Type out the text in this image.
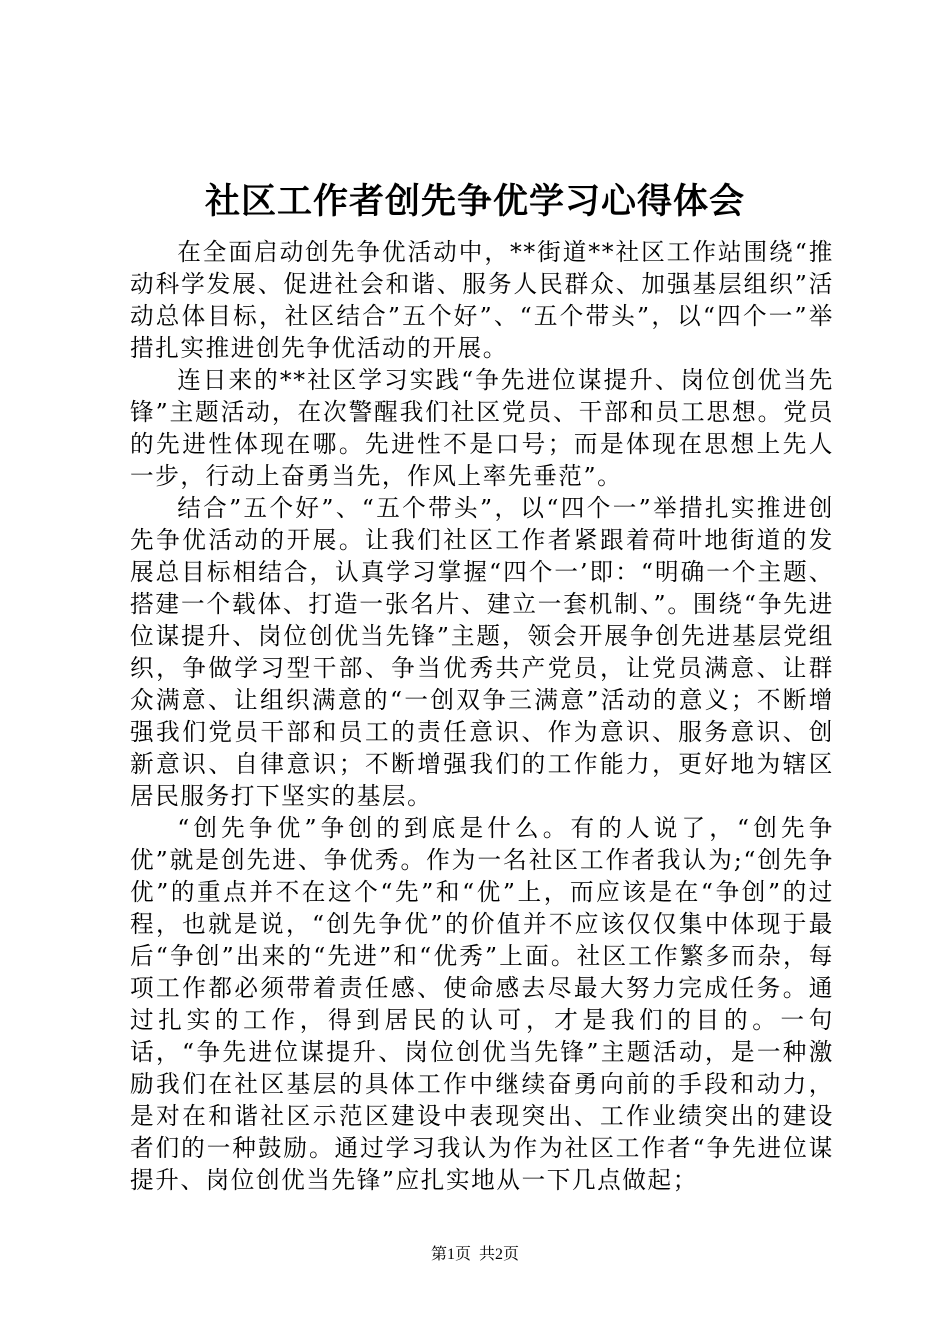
社区工作者创先争优学习心得体会

在全面启动创先争优活动中，**街道**社区工作站围绕“推动科学发展、促进社会和谐、服务人民群众、加强基层组织”活动总体目标，社区结合”五个好”、“五个带头”，以“四个一”举措扎实推进创先争优活动的开展。

连日来的**社区学习实践“争先进位谋提升、岗位创优当先锋”主题活动，在次警醒我们社区党员、干部和员工思想。党员的先进性体现在哪。先进性不是口号；而是体现在思想上先人一步，行动上奋勇当先，作风上率先垂范”。

结合”五个好”、“五个带头”，以“四个一”举措扎实推进创先争优活动的开展。让我们社区工作者紧跟着荷叶地街道的发展总目标相结合，认真学习掌握“四个一’即：“明确一个主题、搭建一个载体、打造一张名片、建立一套机制、”。围绕“争先进位谋提升、岗位创优当先锋”主题，领会开展争创先进基层党组织，争做学习型干部、争当优秀共产党员，让党员满意、让群众满意、让组织满意的“一创双争三满意”活动的意义；不断增强我们党员干部和员工的责任意识、作为意识、服务意识、创新意识、自律意识；不断增强我们的工作能力，更好地为辖区居民服务打下坚实的基层。

“创先争优”争创的到底是什么。有的人说了，“创先争优”就是创先进、争优秀。作为一名社区工作者我认为;“创先争优”的重点并不在这个“先”和“优”上，而应该是在“争创”的过程，也就是说，“创先争优”的价值并不应该仅仅集中体现于最后“争创”出来的“先进”和“优秀”上面。社区工作繁多而杂，每项工作都必须带着责任感、使命感去尽最大努力完成任务。通过扎实的工作，得到居民的认可，才是我们的目的。一句话，“争先进位谋提升、岗位创优当先锋”主题活动，是一种激励我们在社区基层的具体工作中继续奋勇向前的手段和动力，是对在和谐社区示范区建设中表现突出、工作业绩突出的建设者们的一种鼓励。通过学习我认为作为社区工作者“争先进位谋提升、岗位创优当先锋”应扎实地从一下几点做起；

第1页 共2页
